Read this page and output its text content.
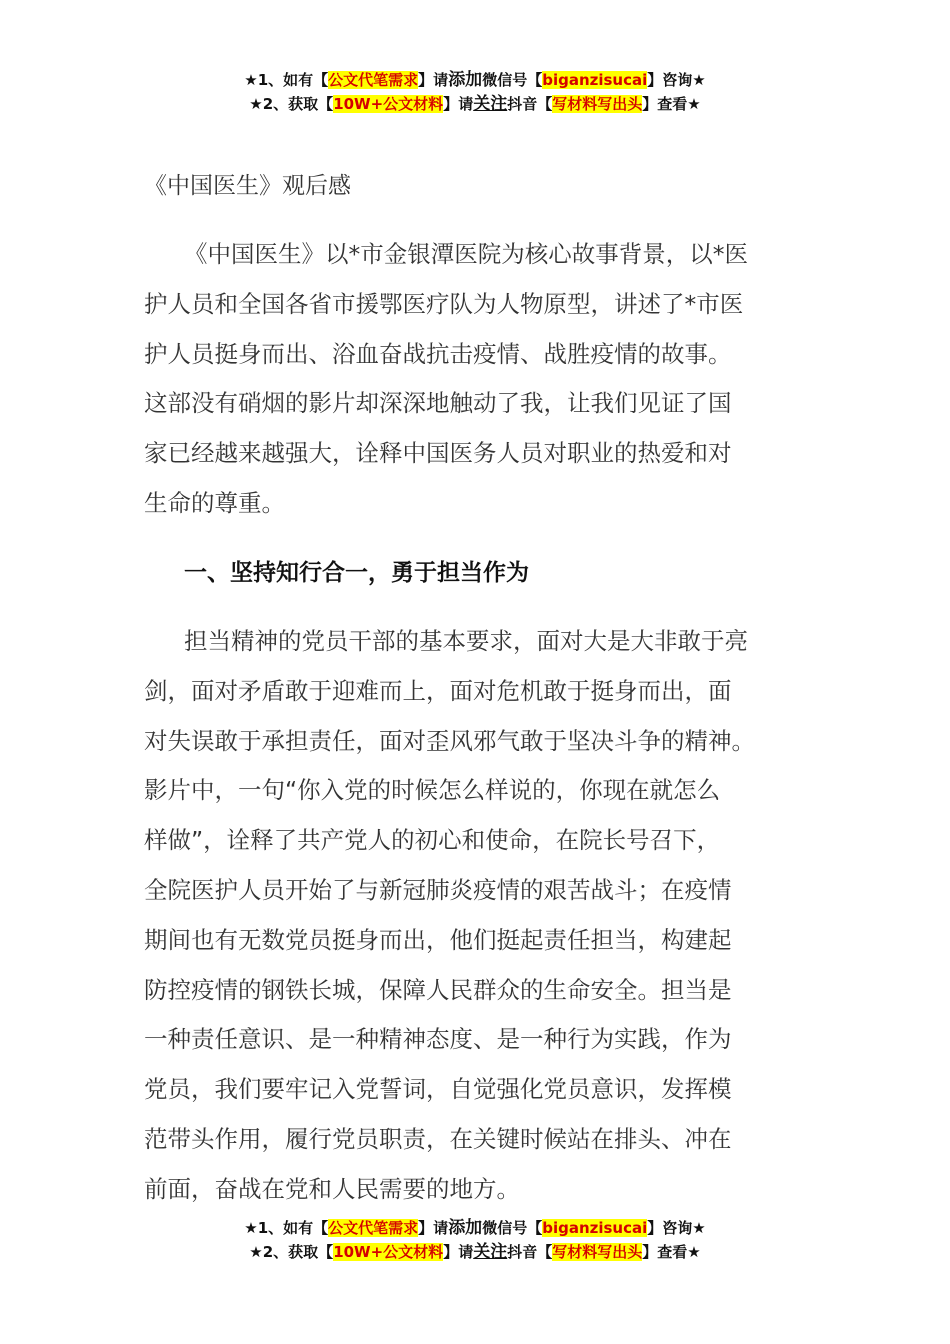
★1、如有【公文代笔需求】请添加微信号【biganzisucai】咨询★
★2、获取【10W+公文材料】请关注抖音【写材料写出头】查看★
《中国医生》观后感
《中国医生》以*市金银潭医院为核心故事背景，以*医
护人员和全国各省市援鄂医疗队为人物原型，讲述了*市医
护人员挺身而出、浴血奋战抗击疫情、战胜疫情的故事。
这部没有硝烟的影片却深深地触动了我，让我们见证了国
家已经越来越强大，诠释中国医务人员对职业的热爱和对
生命的尊重。
一、坚持知行合一，勇于担当作为
担当精神的党员干部的基本要求，面对大是大非敢于亮
剑，面对矛盾敢于迎难而上，面对危机敢于挺身而出，面
对失误敢于承担责任，面对歪风邪气敢于坚决斗争的精神。
影片中，一句“你入党的时候怎么样说的，你现在就怎么
样做”，诠释了共产党人的初心和使命，在院长号召下，
全院医护人员开始了与新冠肺炎疫情的艰苦战斗；在疫情
期间也有无数党员挺身而出，他们挺起责任担当，构建起
防控疫情的钢铁长城，保障人民群众的生命安全。担当是
一种责任意识、是一种精神态度、是一种行为实践，作为
党员，我们要牢记入党誓词，自觉强化党员意识，发挥模
范带头作用，履行党员职责，在关键时候站在排头、冲在
前面，奋战在党和人民需要的地方。
★1、如有【公文代笔需求】请添加微信号【biganzisucai】咨询★
★2、获取【10W+公文材料】请关注抖音【写材料写出头】查看★
